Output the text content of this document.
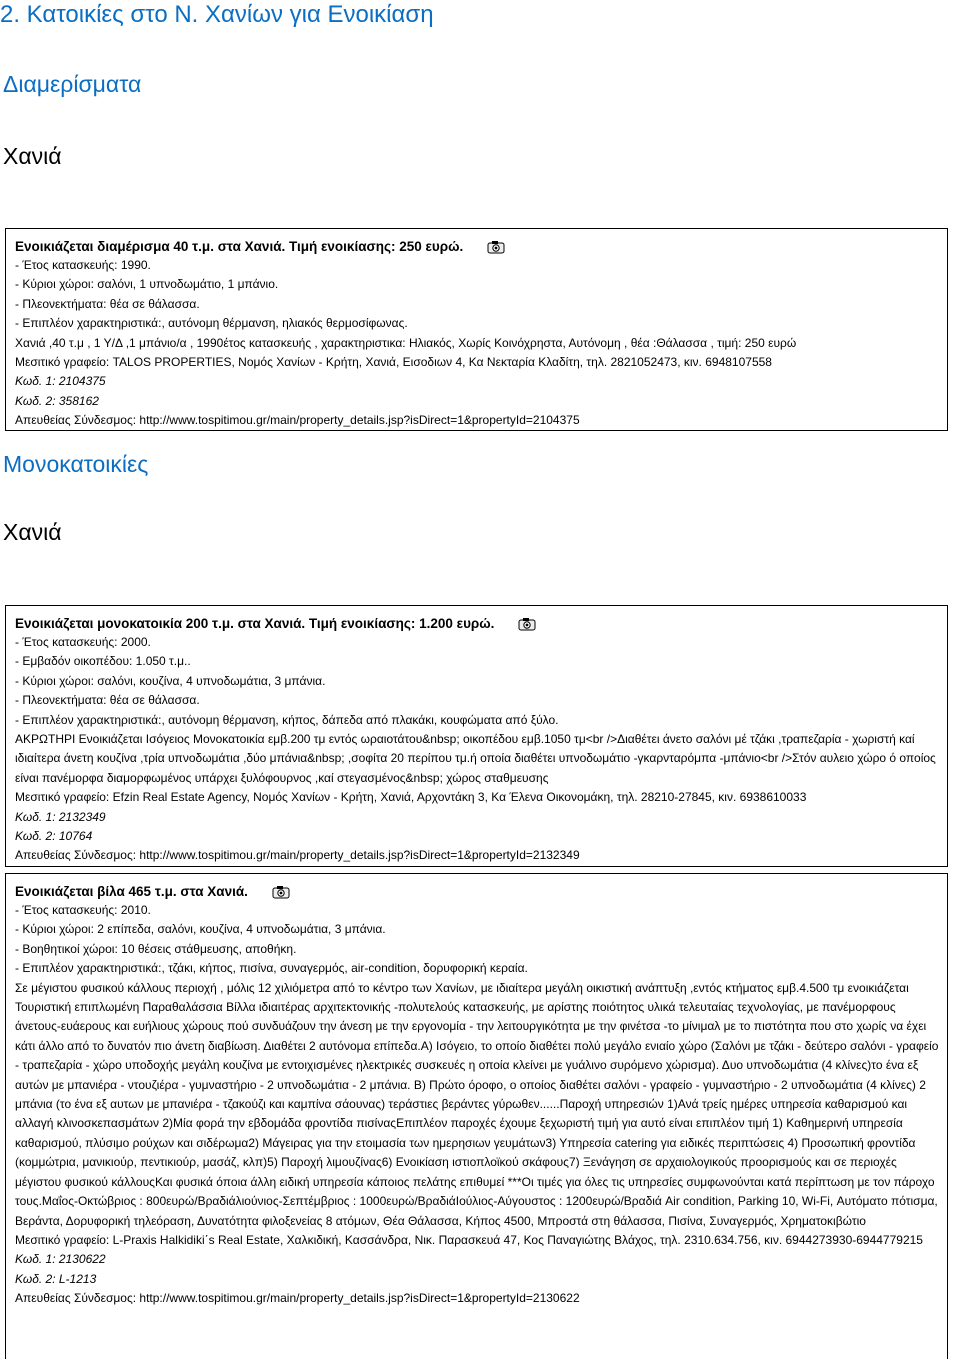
2. Κατοικίες στο Ν. Χανίων για Ενοικίαση
Διαμερίσματα
Χανιά
Ενοικιάζεται διαμέρισμα 40 τ.μ. στα Χανιά. Τιμή ενοικίασης: 250 ευρώ.
- Έτος κατασκευής: 1990.
- Κύριοι χώροι: σαλόνι, 1 υπνοδωμάτιο, 1 μπάνιο.
- Πλεονεκτήματα: θέα σε θάλασσα.
- Επιπλέον χαρακτηριστικά:, αυτόνομη θέρμανση, ηλιακός θερμοσίφωνας.
Χανιά ,40 τ.μ , 1 Υ/Δ ,1 μπάνιο/α , 1990έτος κατασκευής , χαρακτηριστικα: Ηλιακός, Χωρίς Κοινόχρηστα, Αυτόνομη , θέα :Θάλασσα , τιμή: 250 ευρώ
Μεσιτικό γραφείο: TALOS PROPERTIES, Νομός Χανίων - Κρήτη, Χανιά, Εισοδιων 4, Κα Νεκταρία Κλαδίτη, τηλ. 2821052473, κιν. 6948107558
Κωδ. 1: 2104375
Κωδ. 2: 358162
Απευθείας Σύνδεσμος: http://www.tospitimou.gr/main/property_details.jsp?isDirect=1&propertyId=2104375
Μονοκατοικίες
Χανιά
Ενοικιάζεται μονοκατοικία 200 τ.μ. στα Χανιά. Τιμή ενοικίασης: 1.200 ευρώ.
- Έτος κατασκευής: 2000.
- Εμβαδόν οικοπέδου: 1.050 τ.μ..
- Κύριοι χώροι: σαλόνι, κουζίνα, 4 υπνοδωμάτια, 3 μπάνια.
- Πλεονεκτήματα: θέα σε θάλασσα.
- Επιπλέον χαρακτηριστικά:, αυτόνομη θέρμανση, κήπος, δάπεδα από πλακάκι, κουφώματα από ξύλο.
ΑΚΡΩΤΗΡΙ Ενοικιάζεται Ισόγειος Μονοκατοικία εμβ.200 τμ εντός ωραιοτάτου&nbsp; οικοπέδου εμβ.1050 τμ<br />Διαθέτει άνετο σαλόνι μέ τζάκι ,τραπεζαρία - χωριστή καί ιδιαίτερα άνετη κουζίνα ,τρία υπνοδωμάτια ,δύο μπάνια&nbsp; ,σοφίτα 20 περίπου τμ.ή οποία διαθέτει υπνοδωμάτιο -γκαρνταρόμπα -μπάνιο<br />Στόν αυλειο χώρο ό οποίος είναι πανέμορφα διαμορφωμένος υπάρχει ξυλόφουρνος ,καί στεγασμένος&nbsp; χώρος σταθμευσης
Μεσιτικό γραφείο: Efzin Real Estate Agency, Νομός Χανίων - Κρήτη, Χανιά, Αρχοντάκη 3, Κα Έλενα Οικονομάκη, τηλ. 28210-27845, κιν. 6938610033
Κωδ. 1: 2132349
Κωδ. 2: 10764
Απευθείας Σύνδεσμος: http://www.tospitimou.gr/main/property_details.jsp?isDirect=1&propertyId=2132349
Ενοικιάζεται βίλα 465 τ.μ. στα Χανιά.
- Έτος κατασκευής: 2010.
- Κύριοι χώροι: 2 επίπεδα, σαλόνι, κουζίνα, 4 υπνοδωμάτια, 3 μπάνια.
- Βοηθητικοί χώροι: 10 θέσεις στάθμευσης, αποθήκη.
- Επιπλέον χαρακτηριστικά:, τζάκι, κήπος, πισίνα, συναγερμός, air-condition, δορυφορική κεραία.
Σε μέγιστου φυσικού κάλλους περιοχή , μόλις 12 χιλιόμετρα από το κέντρο των Χανίων, με ιδιαίτερα μεγάλη οικιστική ανάπτυξη ,εντός κτήματος εμβ.4.500 τμ ενοικιάζεται Τουριστική επιπλωμένη Παραθαλάσσια Βίλλα ιδιαιτέρας αρχιτεκτονικής -πολυτελούς κατασκευής, με αρίστης ποιότητος υλικά τελευταίας τεχνολογίας, με πανέμορφους άνετους-ευάερους και ευήλιους χώρους πού συνδυάζουν την άνεση με την εργονομία - την λειτουργικότητα με την φινέτσα -το μίνιμαλ με το πιστότητα που στο χωρίς να έχει κάτι άλλο από το δυνατόν πιο άνετη διαβίωση. Διαθέτει 2 αυτόνομα επίπεδα.Α) Ισόγειο, το οποίο διαθέτει πολύ μεγάλο ενιαίο χώρο (Σαλόνι με τζάκι - δεύτερο σαλόνι - γραφείο - τραπεζαρία - χώρο υποδοχής μεγάλη κουζίνα με εντοιχισμένες ηλεκτρικές συσκευές η οποία κλείνει με γυάλινο συρόμενο χώρισμα). Δυο υπνοδωμάτια (4 κλίνες)το ένα εξ αυτών με μπανιέρα - ντουζιέρα - γυμναστήριο - 2 υπνοδωμάτια - 2 μπάνια. Β) Πρώτο όροφο, ο οποίος διαθέτει σαλόνι - γραφείο - γυμναστήριο - 2 υπνοδωμάτια (4 κλίνες) 2 μπάνια (το ένα εξ αυτων με μπανιέρα - τζακούζι και καμπίνα σάουνας) τεράστιες βεράντες γύρωθεν......Παροχή υπηρεσιών 1)Ανά τρείς ημέρες υπηρεσία καθαρισμού και αλλαγή κλινοσκεπασμάτων 2)Μία φορά την εβδομάδα φροντίδα πισίναςΕπιπλέον παροχές έχουμε ξεχωριστή τιμή για αυτό είναι επιπλέον τιμή 1) Καθημερινή υπηρεσία καθαρισμού, πλύσιμο ρούχων και σιδέρωμα2) Μάγειρας για την ετοιμασία των ημερησιων γευμάτων3) Υπηρεσία catering για ειδικές περιπτώσεις 4) Προσωπική φροντίδα (κομμώτρια, μανικιούρ, πεντικιούρ, μασάζ, κλπ)5) Παροχή λιμουζίνας6) Ενοικίαση ιστιοπλοϊκού σκάφους7) Ξενάγηση σε αρχαιολογικούς προορισμούς και σε περιοχές μέγιστου φυσικού κάλλουςΚαι φυσικά όποια άλλη ειδική υπηρεσία κάποιος πελάτης επιθυμεί ***Οι τιμές για όλες τις υπηρεσίες συμφωνούνται κατά περίπτωση με τον πάροχο τους.Μαΐος-Οκτώβριος : 800ευρώ/Βραδιάλιούνιος-Σεπτέμβριος : 1000ευρώ/ΒραδιάΙούλιος-Αύγουστος : 1200ευρώ/Βραδιά Air condition, Parking 10, Wi-Fi, Αυτόματο πότισμα, Βεράντα, Δορυφορική τηλεόραση, Δυνατότητα φιλοξενείας 8 ατόμων, Θέα Θάλασσα, Κήπος 4500, Μπροστά στη θάλασσα, Πισίνα, Συναγερμός, Χρηματοκιβώτιο
Μεσιτικό γραφείο: L-Praxis Halkidiki΄s Real Estate, Χαλκιδική, Κασσάνδρα, Νικ. Παρασκευά 47, Κος Παναγιώτης Βλάχος, τηλ. 2310.634.756, κιν. 6944273930-6944779215
Κωδ. 1: 2130622
Κωδ. 2: L-1213
Απευθείας Σύνδεσμος: http://www.tospitimou.gr/main/property_details.jsp?isDirect=1&propertyId=2130622
